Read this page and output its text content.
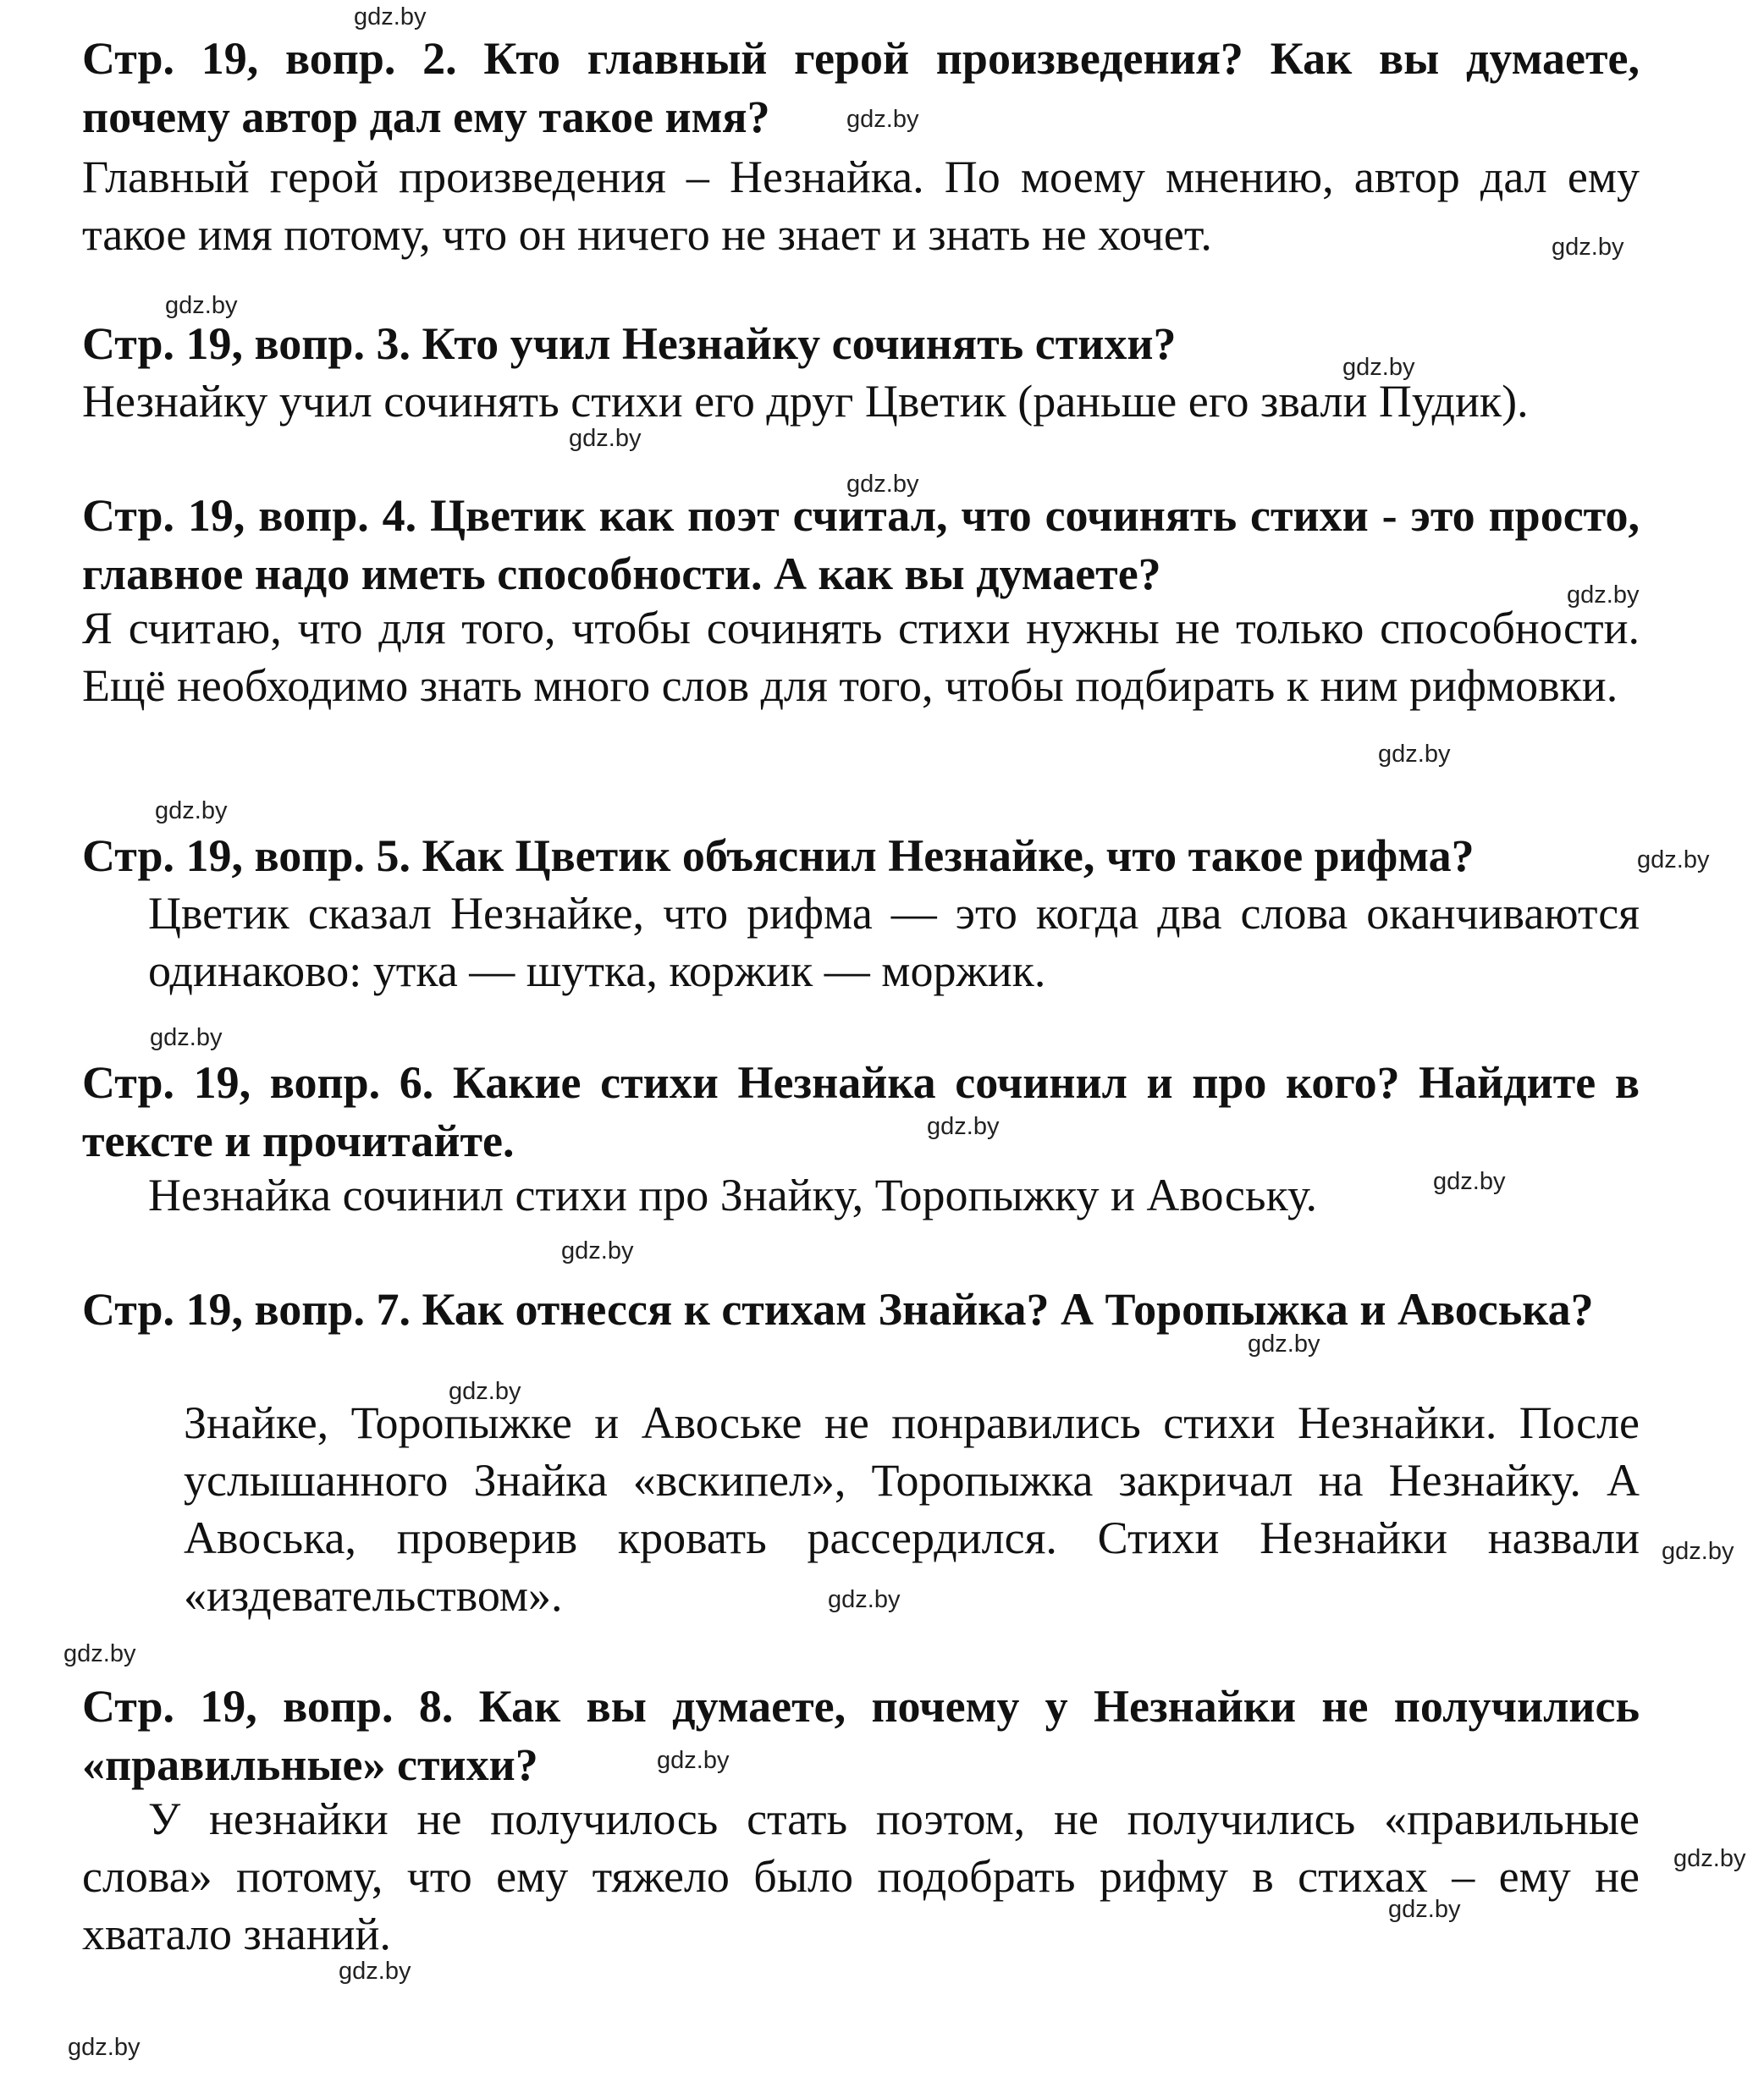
Стр. 19, вопр. 2. Кто главный герой произведения? Как вы думаете, почему автор дал ему такое имя?

Главный герой произведения – Незнайка. По моему мнению, автор дал ему такое имя потому, что он ничего не знает и знать не хочет.

Стр. 19, вопр. 3. Кто учил Незнайку сочинять стихи?

Незнайку учил сочинять стихи его друг Цветик (раньше его звали Пудик).

Стр. 19, вопр. 4. Цветик как поэт считал, что сочинять стихи - это просто, главное надо иметь способности. А как вы думаете?

Я считаю, что для того, чтобы сочинять стихи нужны не только способности. Ещё необходимо знать много слов для того, чтобы подбирать к ним рифмовки.

Стр. 19, вопр. 5. Как Цветик объяснил Незнайке, что такое рифма?

Цветик сказал Незнайке, что рифма — это когда два слова оканчиваются одинаково: утка — шутка, коржик — моржик.

Стр. 19, вопр. 6. Какие стихи Незнайка сочинил и про кого? Найдите в тексте и прочитайте.

Незнайка сочинил стихи про Знайку, Торопыжку и Авоську.

Стр. 19, вопр. 7. Как отнесся к стихам Знайка? А Торопыжка и Авоська?

Знайке, Торопыжке и Авоське не понравились стихи Незнайки. После услышанного Знайка «вскипел», Торопыжка закричал на Незнайку. А Авоська, проверив кровать рассердился. Стихи Незнайки назвали «издевательством».

Стр. 19, вопр. 8. Как вы думаете, почему у Незнайки не получились «правильные» стихи?

У незнайки не получилось стать поэтом, не получились «правильные слова» потому, что ему тяжело было подобрать рифму в стихах – ему не хватало знаний.

gdz.by
gdz.by
gdz.by
gdz.by
gdz.by
gdz.by
gdz.by
gdz.by
gdz.by
gdz.by
gdz.by
gdz.by
gdz.by
gdz.by
gdz.by
gdz.by
gdz.by
gdz.by
gdz.by
gdz.by
gdz.by
gdz.by
gdz.by
gdz.by
gdz.by
